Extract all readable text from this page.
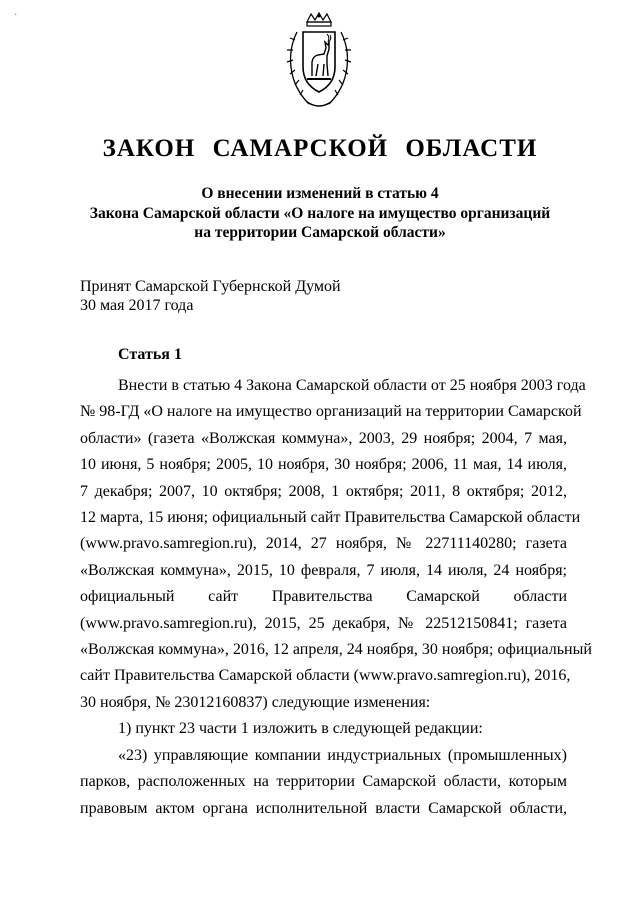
·
ЗАКОН САМАРСКОЙ ОБЛАСТИ
О внесении изменений в статью 4
Закона Самарской области «О налоге на имущество организаций
на территории Самарской области»
Принят Самарской Губернской Думой
30 мая 2017 года
Статья 1
Внести в статью 4 Закона Самарской области от 25 ноября 2003 года
№ 98-ГД «О налоге на имущество организаций на территории Самарской
области» (газета «Волжская коммуна», 2003, 29 ноября; 2004, 7 мая,
10 июня, 5 ноября; 2005, 10 ноября, 30 ноября; 2006, 11 мая, 14 июля,
7 декабря; 2007, 10 октября; 2008, 1 октября; 2011, 8 октября; 2012,
12 марта, 15 июня; официальный сайт Правительства Самарской области
(www.pravo.samregion.ru), 2014, 27 ноября, № 22711140280; газета
«Волжская коммуна», 2015, 10 февраля, 7 июля, 14 июля, 24 ноября;
официальный сайт Правительства Самарской области
(www.pravo.samregion.ru), 2015, 25 декабря, № 22512150841; газета
«Волжская коммуна», 2016, 12 апреля, 24 ноября, 30 ноября; официальный
сайт Правительства Самарской области (www.pravo.samregion.ru), 2016,
30 ноября, № 23012160837) следующие изменения:
1) пункт 23 части 1 изложить в следующей редакции:
«23) управляющие компании индустриальных (промышленных)
парков, расположенных на территории Самарской области, которым
правовым актом органа исполнительной власти Самарской области,
